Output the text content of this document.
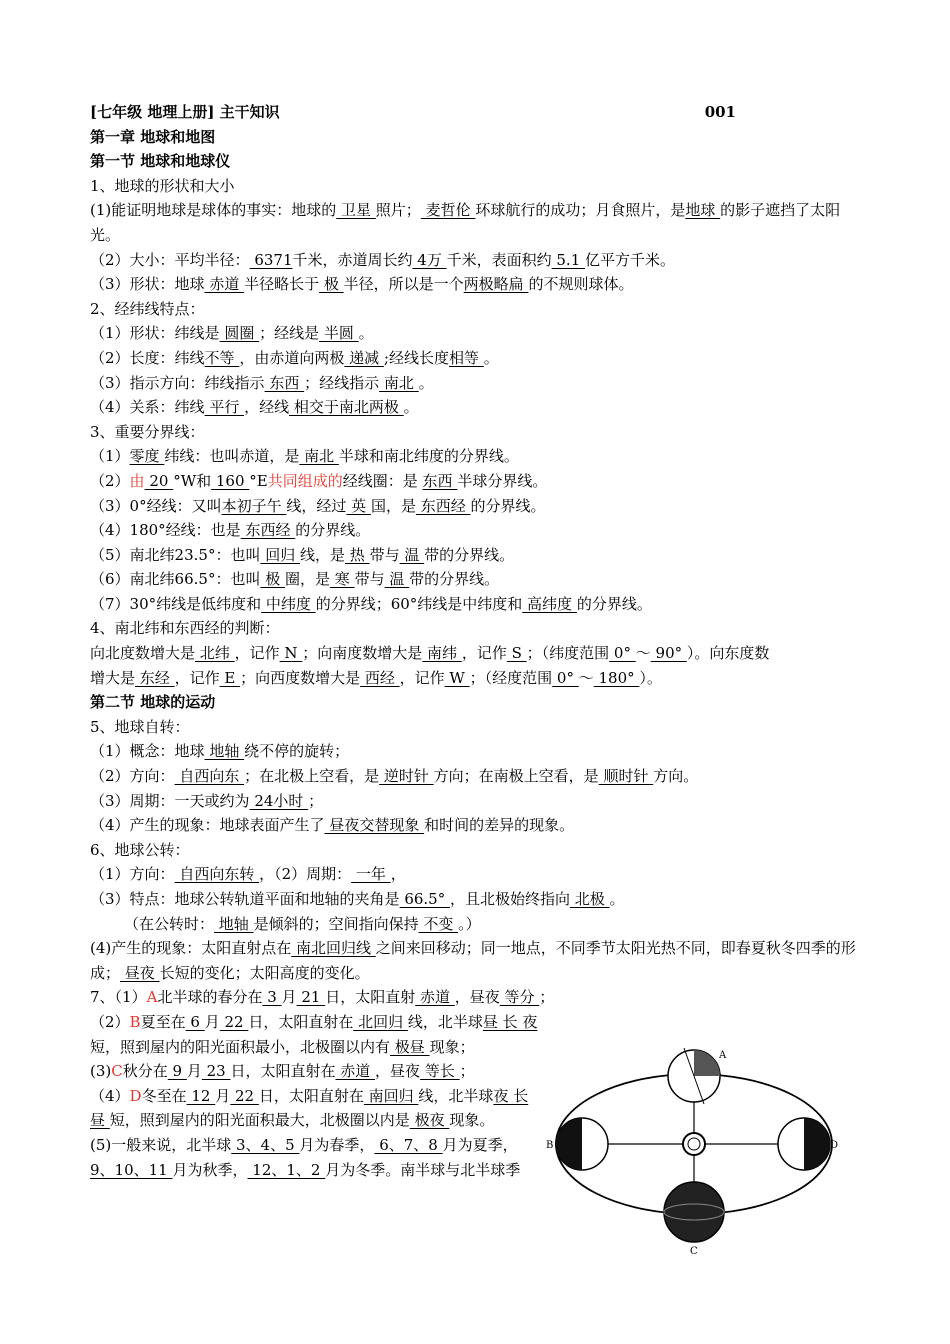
[七年级 地理上册] 主干知识	001
第一章 地球和地图
第一节 地球和地球仪
1、地球的形状和大小
(1)能证明地球是球体的事实：地球的 卫星 照片； 麦哲伦 环球航行的成功；月食照片，是地球 的影子遮挡了太阳光。
（2）大小：平均半径： 6371千米，赤道周长约 4万 千米，表面积约 5.1 亿平方千米。
（3）形状：地球 赤道 半径略长于 极 半径，所以是一个两极略扁 的不规则球体。
2、经纬线特点：
（1）形状：纬线是 圆圈 ；经线是 半圆 。
（2）长度：纬线不等 ，由赤道向两极 递减 ;经线长度相等 。
（3）指示方向：纬线指示 东西 ；经线指示 南北 。
（4）关系：纬线 平行 ，经线 相交于南北两极 。
3、重要分界线：
（1）零度 纬线：也叫赤道，是 南北 半球和南北纬度的分界线。
（2）由 20 °W和 160 °E共同组成的经线圈：是 东西 半球分界线。
（3）0°经线：又叫本初子午 线，经过 英 国，是 东西经 的分界线。
（4）180°经线：也是 东西经 的分界线。
（5）南北纬23.5°：也叫 回归 线，是 热 带与 温 带的分界线。
（6）南北纬66.5°：也叫 极 圈，是 寒 带与 温 带的分界线。
（7）30°纬线是低纬度和 中纬度 的分界线；60°纬线是中纬度和 高纬度 的分界线。
4、南北纬和东西经的判断：
向北度数增大是 北纬 ，记作 N ；向南度数增大是 南纬 ，记作 S ；（纬度范围 0° ～ 90° ）。向东度数
增大是 东经 ，记作 E ；向西度数增大是 西经 ，记作 W ；（经度范围 0° ～ 180° ）。
第二节 地球的运动
5、地球自转：
（1）概念：地球 地轴 绕不停的旋转；
（2）方向： 自西向东 ；在北极上空看，是 逆时针 方向；在南极上空看，是 顺时针 方向。
（3）周期：一天或约为 24小时 ；
（4）产生的现象：地球表面产生了 昼夜交替现象 和时间的差异的现象。
6、地球公转：
（1）方向： 自西向东转 ，（2）周期： 一年 ，
（3）特点：地球公转轨道平面和地轴的夹角是 66.5° ，且北极始终指向 北极 。
（在公转时： 地轴 是倾斜的；空间指向保持 不变 。）
(4)产生的现象：太阳直射点在 南北回归线 之间来回移动；同一地点，不同季节太阳光热不同，即春夏秋冬四季的形成； 昼夜 长短的变化；太阳高度的变化。
7、（1）A北半球的春分在 3 月 21 日，太阳直射 赤道 ，昼夜 等分 ；
（2）B夏至在 6 月 22 日，太阳直射在 北回归 线，北半球昼 长 夜 短，照到屋内的阳光面积最小，北极圈以内有 极昼 现象；
(3)C秋分在 9 月 23 日，太阳直射在 赤道 ，昼夜 等长 ；
（4）D冬至在 12 月 22 日，太阳直射在 南回归 线，北半球夜 长 昼 短，照到屋内的阳光面积最大，北极圈以内是 极夜 现象。
(5)一般来说，北半球 3、4、5 月为春季， 6、7、8 月为夏季，9、10、11 月为秋季， 12、1、2 月为冬季。南半球与北半球季
A
B
C
D
